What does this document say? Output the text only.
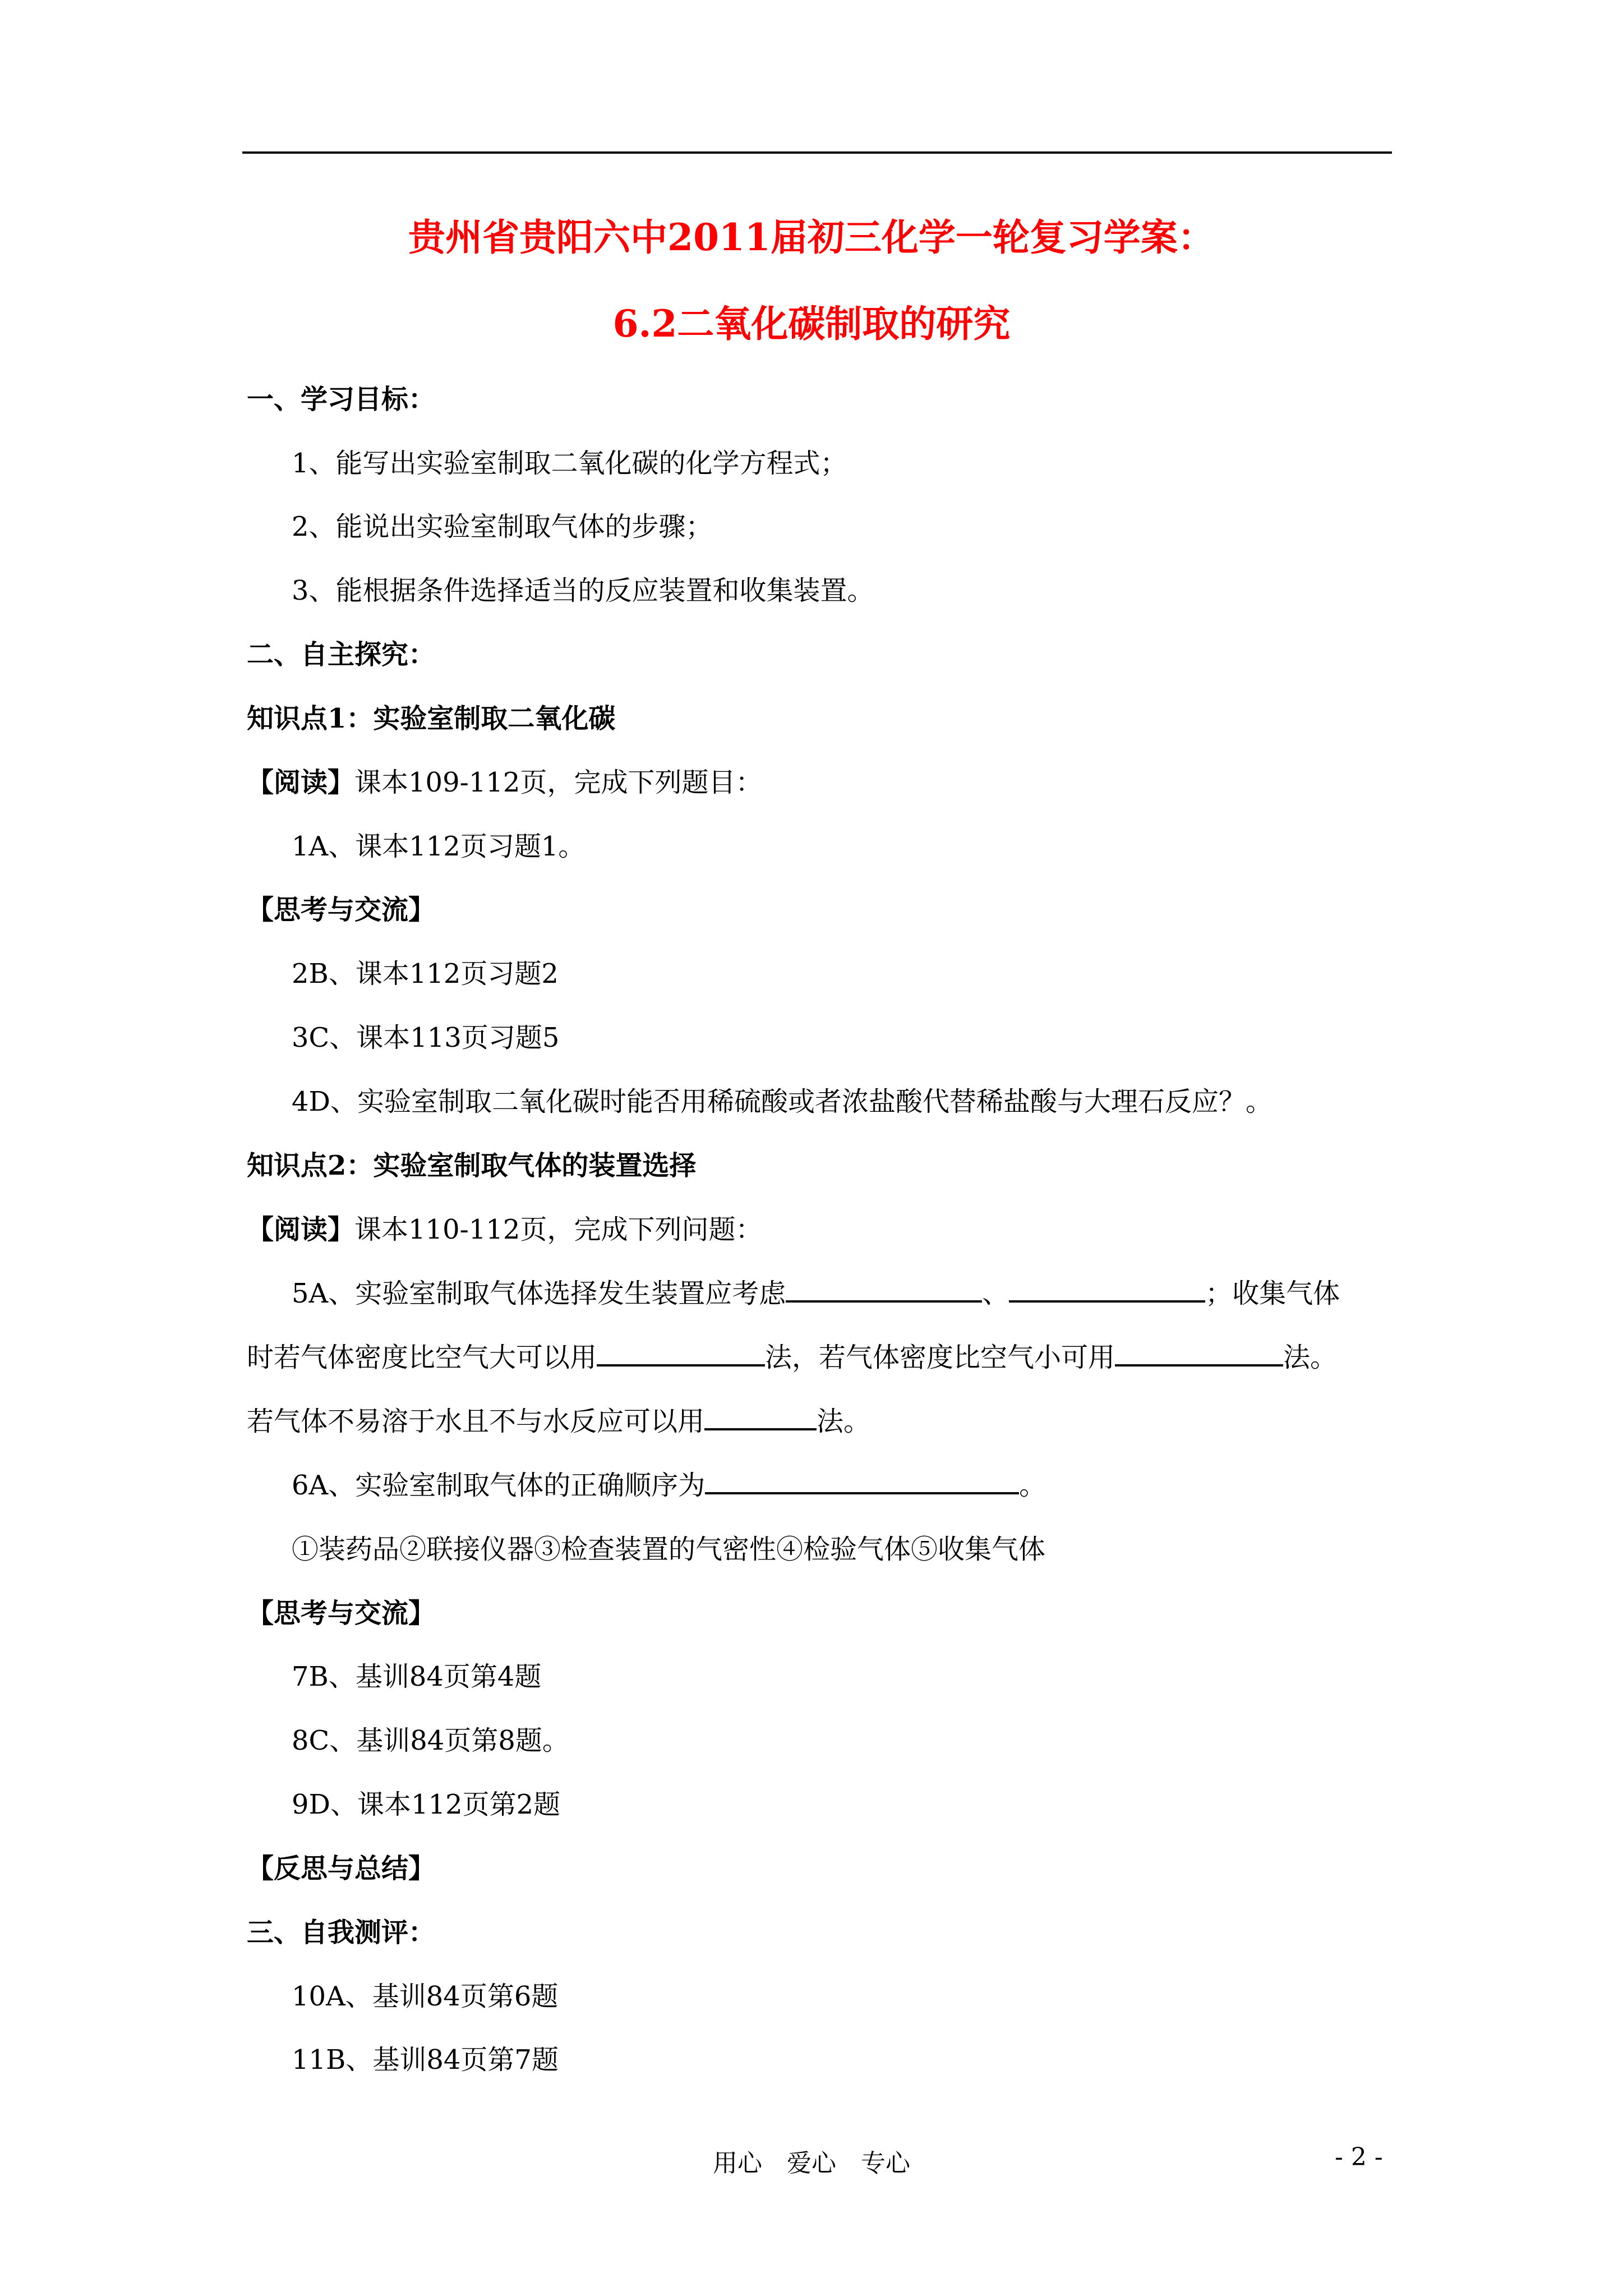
贵州省贵阳六中2011届初三化学一轮复习学案：
6.2二氧化碳制取的研究
一、学习目标：
1、能写出实验室制取二氧化碳的化学方程式；
2、能说出实验室制取气体的步骤；
3、能根据条件选择适当的反应装置和收集装置。
二、自主探究：
知识点1：实验室制取二氧化碳
【阅读】课本109-112页，完成下列题目：
1A、课本112页习题1。
【思考与交流】
2B、课本112页习题2
3C、课本113页习题5
4D、实验室制取二氧化碳时能否用稀硫酸或者浓盐酸代替稀盐酸与大理石反应？。
知识点2：实验室制取气体的装置选择
【阅读】课本110-112页，完成下列问题：
5A、实验室制取气体选择发生装置应考虑	、	；收集气体
时若气体密度比空气大可以用	法，若气体密度比空气小可用	法。
若气体不易溶于水且不与水反应可以用	法。
6A、实验室制取气体的正确顺序为	。
①装药品②联接仪器③检查装置的气密性④检验气体⑤收集气体
【思考与交流】
7B、基训84页第4题
8C、基训84页第8题。
9D、课本112页第2题
【反思与总结】
三、自我测评：
10A、基训84页第6题
11B、基训84页第7题
用心　爱心　专心	- 2 -
